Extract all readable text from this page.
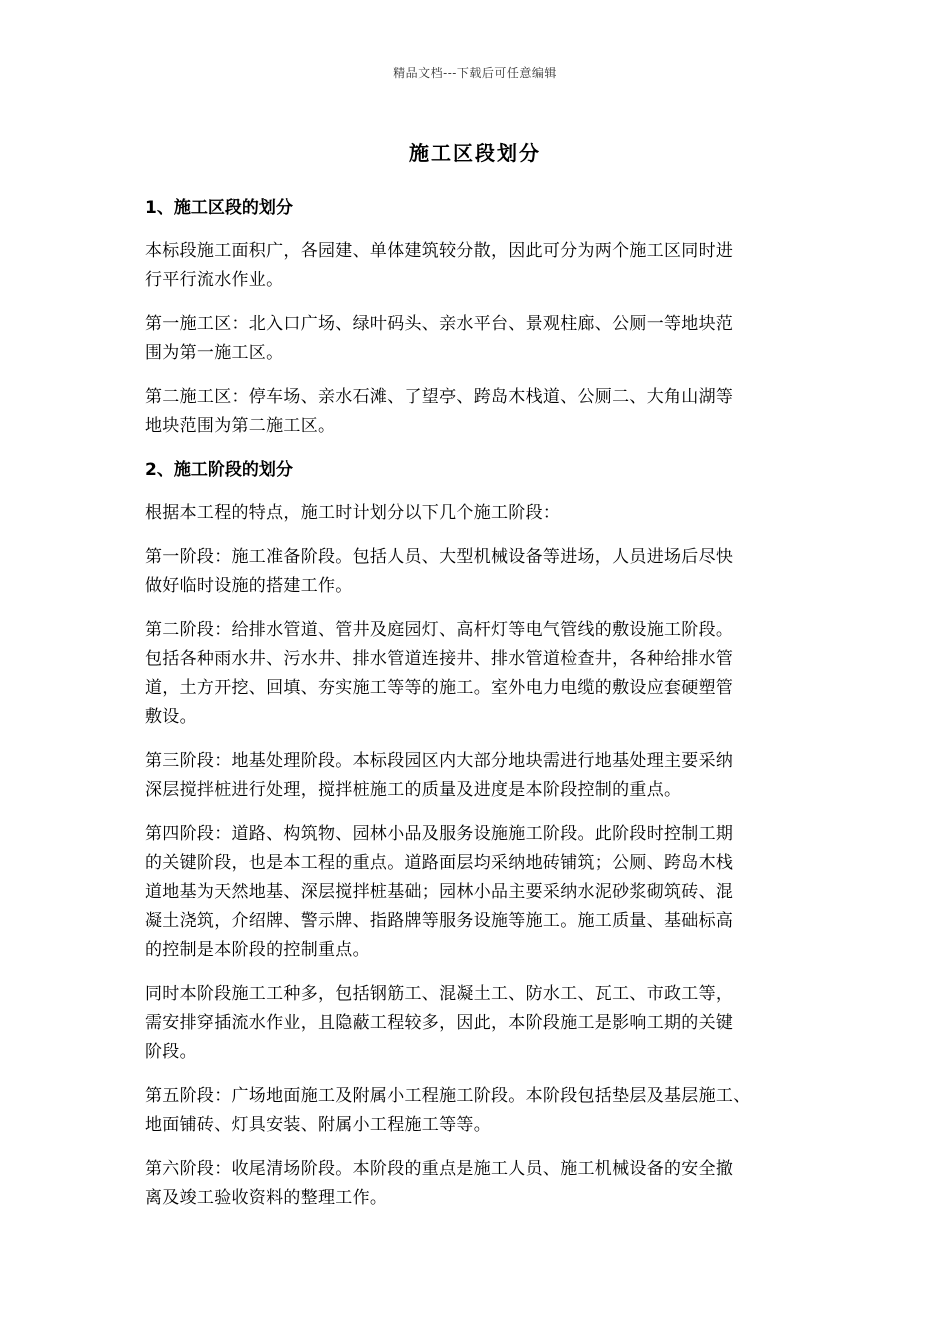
精品文档---下载后可任意编辑
施工区段划分
1、施工区段的划分
本标段施工面积广，各园建、单体建筑较分散，因此可分为两个施工区同时进
行平行流水作业。
第一施工区：北入口广场、绿叶码头、亲水平台、景观柱廊、公厕一等地块范
围为第一施工区。
第二施工区：停车场、亲水石滩、了望亭、跨岛木栈道、公厕二、大角山湖等
地块范围为第二施工区。
2、施工阶段的划分
根据本工程的特点，施工时计划分以下几个施工阶段：
第一阶段：施工准备阶段。包括人员、大型机械设备等进场，人员进场后尽快
做好临时设施的搭建工作。
第二阶段：给排水管道、管井及庭园灯、高杆灯等电气管线的敷设施工阶段。
包括各种雨水井、污水井、排水管道连接井、排水管道检查井，各种给排水管
道，土方开挖、回填、夯实施工等等的施工。室外电力电缆的敷设应套硬塑管
敷设。
第三阶段：地基处理阶段。本标段园区内大部分地块需进行地基处理主要采纳
深层搅拌桩进行处理，搅拌桩施工的质量及进度是本阶段控制的重点。
第四阶段：道路、构筑物、园林小品及服务设施施工阶段。此阶段时控制工期
的关键阶段，也是本工程的重点。道路面层均采纳地砖铺筑；公厕、跨岛木栈
道地基为天然地基、深层搅拌桩基础；园林小品主要采纳水泥砂浆砌筑砖、混
凝土浇筑，介绍牌、警示牌、指路牌等服务设施等施工。施工质量、基础标高
的控制是本阶段的控制重点。
同时本阶段施工工种多，包括钢筋工、混凝土工、防水工、瓦工、市政工等，
需安排穿插流水作业，且隐蔽工程较多，因此，本阶段施工是影响工期的关键
阶段。
第五阶段：广场地面施工及附属小工程施工阶段。本阶段包括垫层及基层施工、
地面铺砖、灯具安装、附属小工程施工等等。
第六阶段：收尾清场阶段。本阶段的重点是施工人员、施工机械设备的安全撤
离及竣工验收资料的整理工作。
